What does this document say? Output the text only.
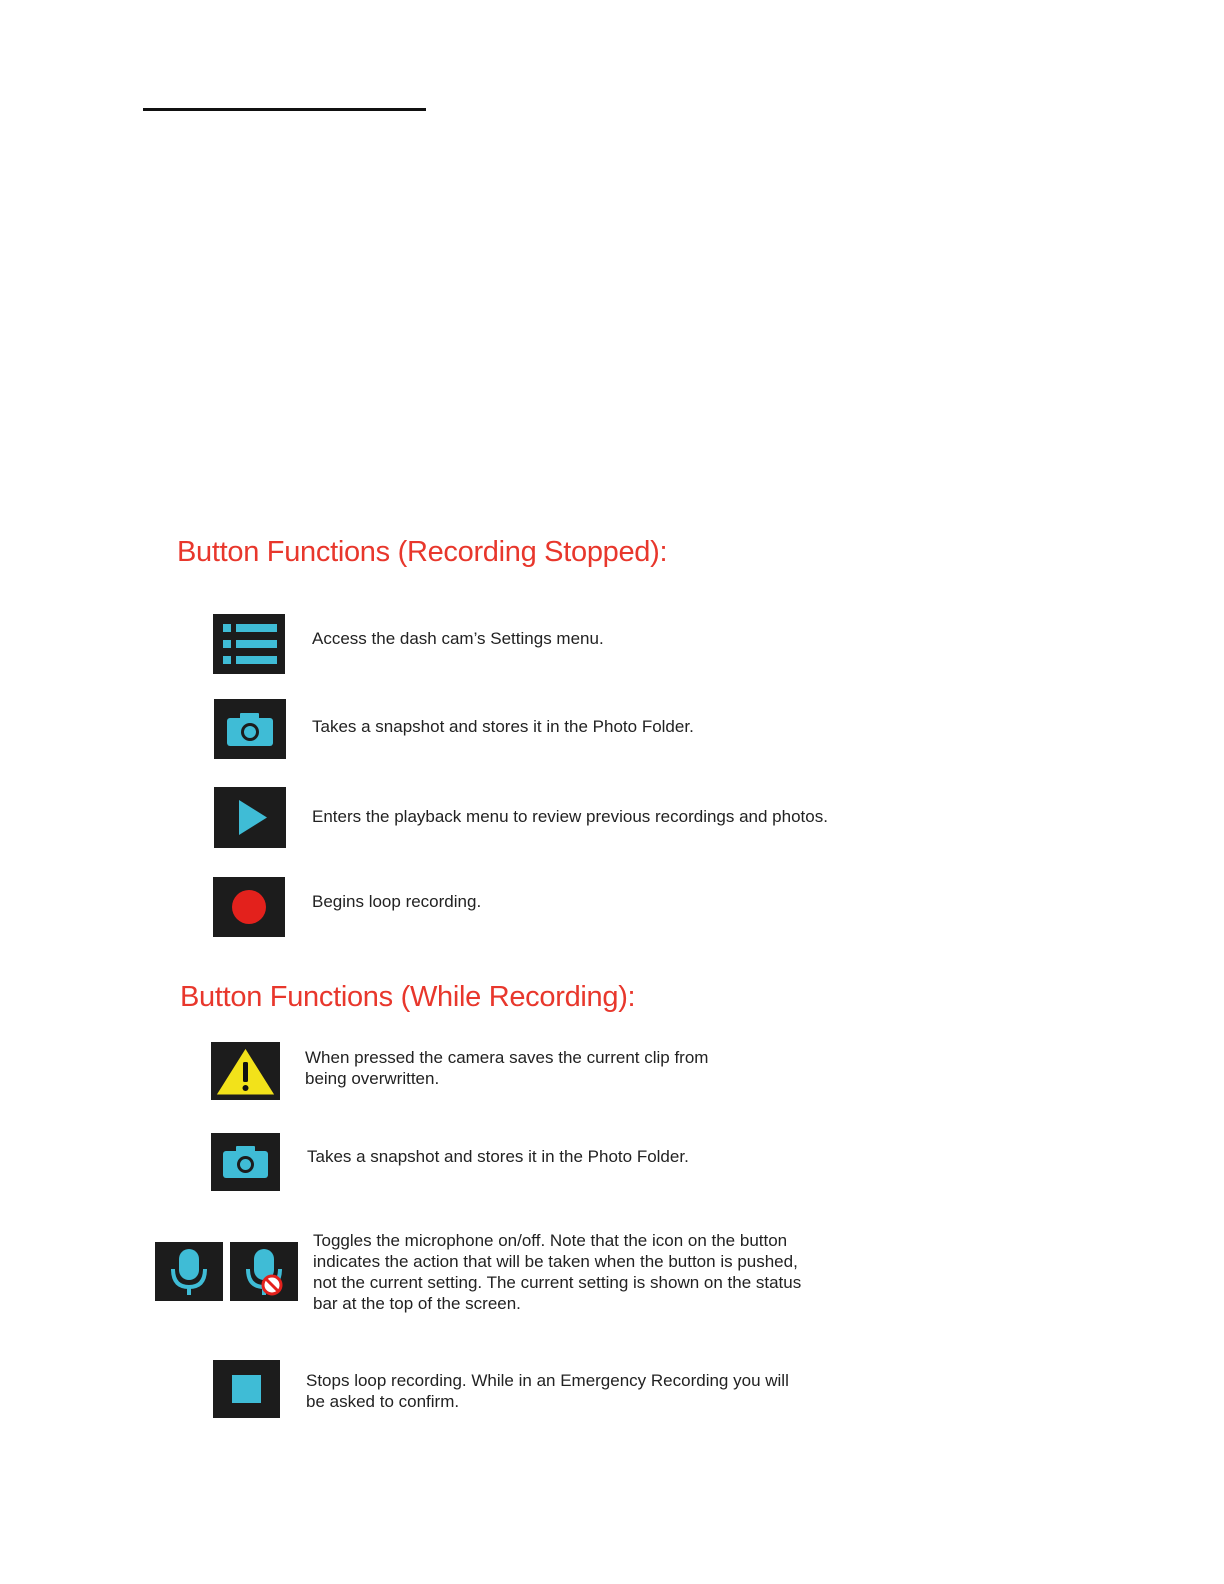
Button Functions (Recording Stopped):

Access the dash cam’s Settings menu.

Takes a snapshot and stores it in the Photo Folder.

Enters the playback menu to review previous recordings and photos.

Begins loop recording.

Button Functions (While Recording):

When pressed the camera saves the current clip from
being overwritten.

Takes a snapshot and stores it in the Photo Folder.

Toggles the microphone on/off. Note that the icon on the button
indicates the action that will be taken when the button is pushed,
not the current setting. The current setting is shown on the status
bar at the top of the screen.

Stops loop recording. While in an Emergency Recording you will
be asked to confirm.
